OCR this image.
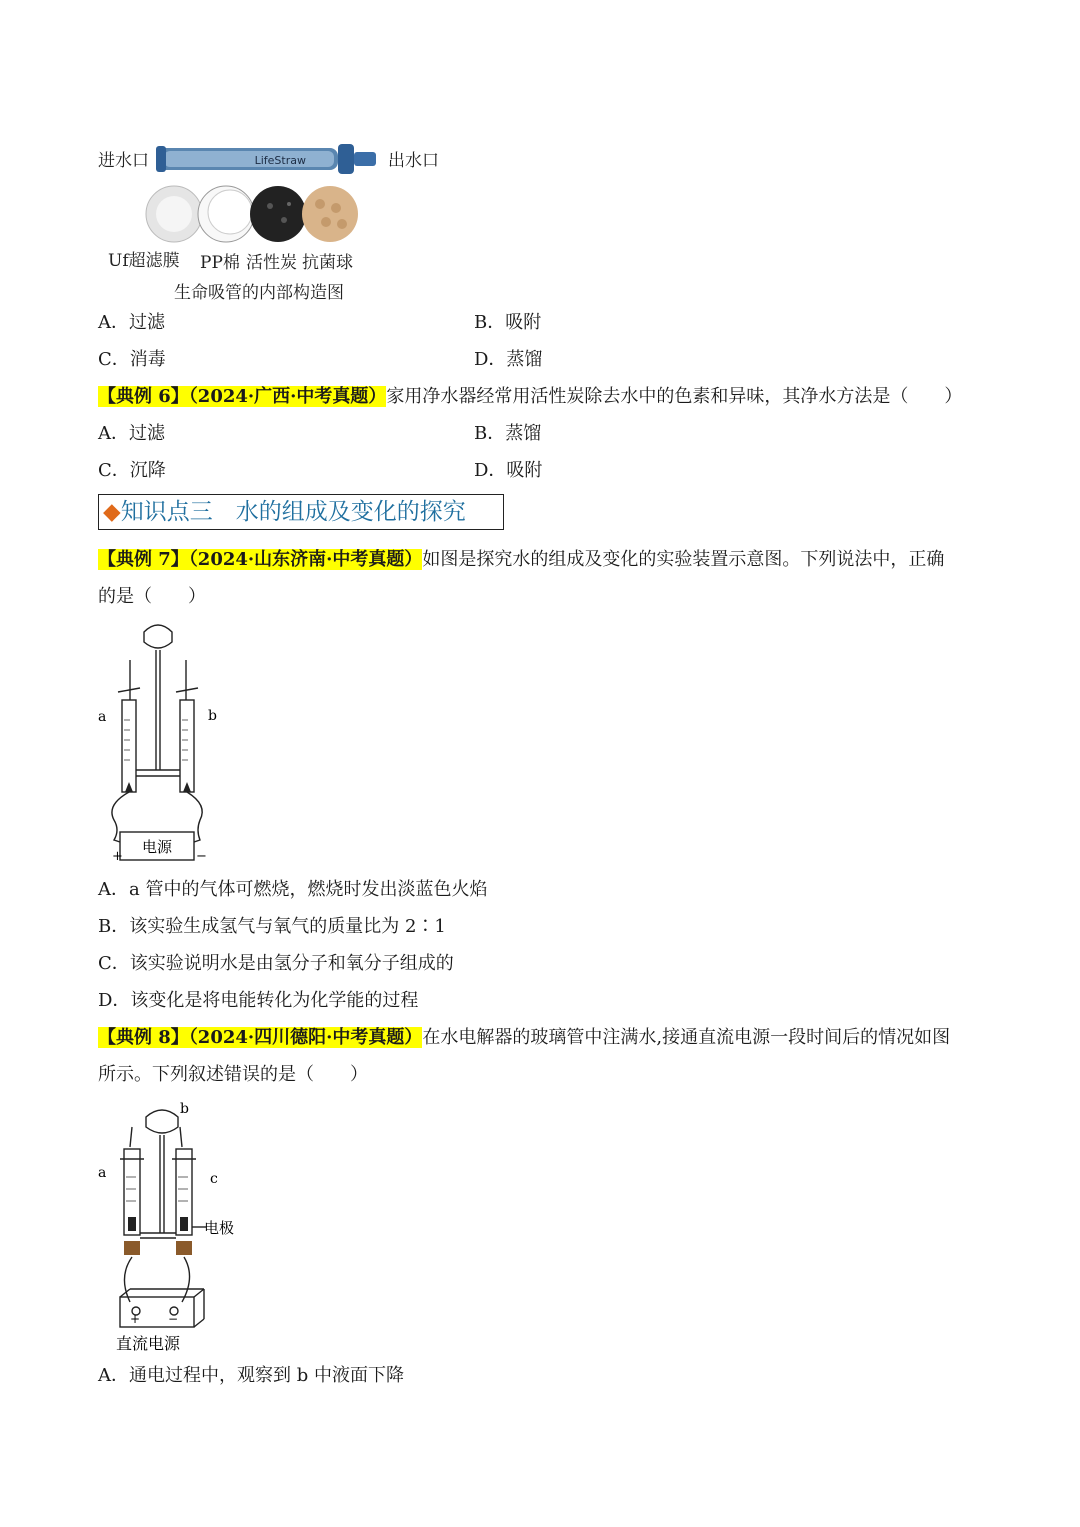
进水口	出水口
LifeStraw
Uf超滤膜 PP棉 活性炭 抗菌球
生命吸管的内部构造图
A．过滤	B．吸附
C．消毒	D．蒸馏
【典例 6】（2024·广西·中考真题）家用净水器经常用活性炭除去水中的色素和异味，其净水方法是（　　）
A．过滤	B．蒸馏
C．沉降	D．吸附
◆知识点三　水的组成及变化的探究
【典例 7】（2024·山东济南·中考真题）如图是探究水的组成及变化的实验装置示意图。下列说法中，正确
的是（　　）
a	b
电源
+	−
A．a 管中的气体可燃烧，燃烧时发出淡蓝色火焰
B．该实验生成氢气与氧气的质量比为 2∶1
C．该实验说明水是由氢分子和氧分子组成的
D．该变化是将电能转化为化学能的过程
【典例 8】（2024·四川德阳·中考真题）在水电解器的玻璃管中注满水,接通直流电源一段时间后的情况如图
所示。下列叙述错误的是（　　）
b
a	c
电极
+ −
直流电源
A．通电过程中，观察到 b 中液面下降
